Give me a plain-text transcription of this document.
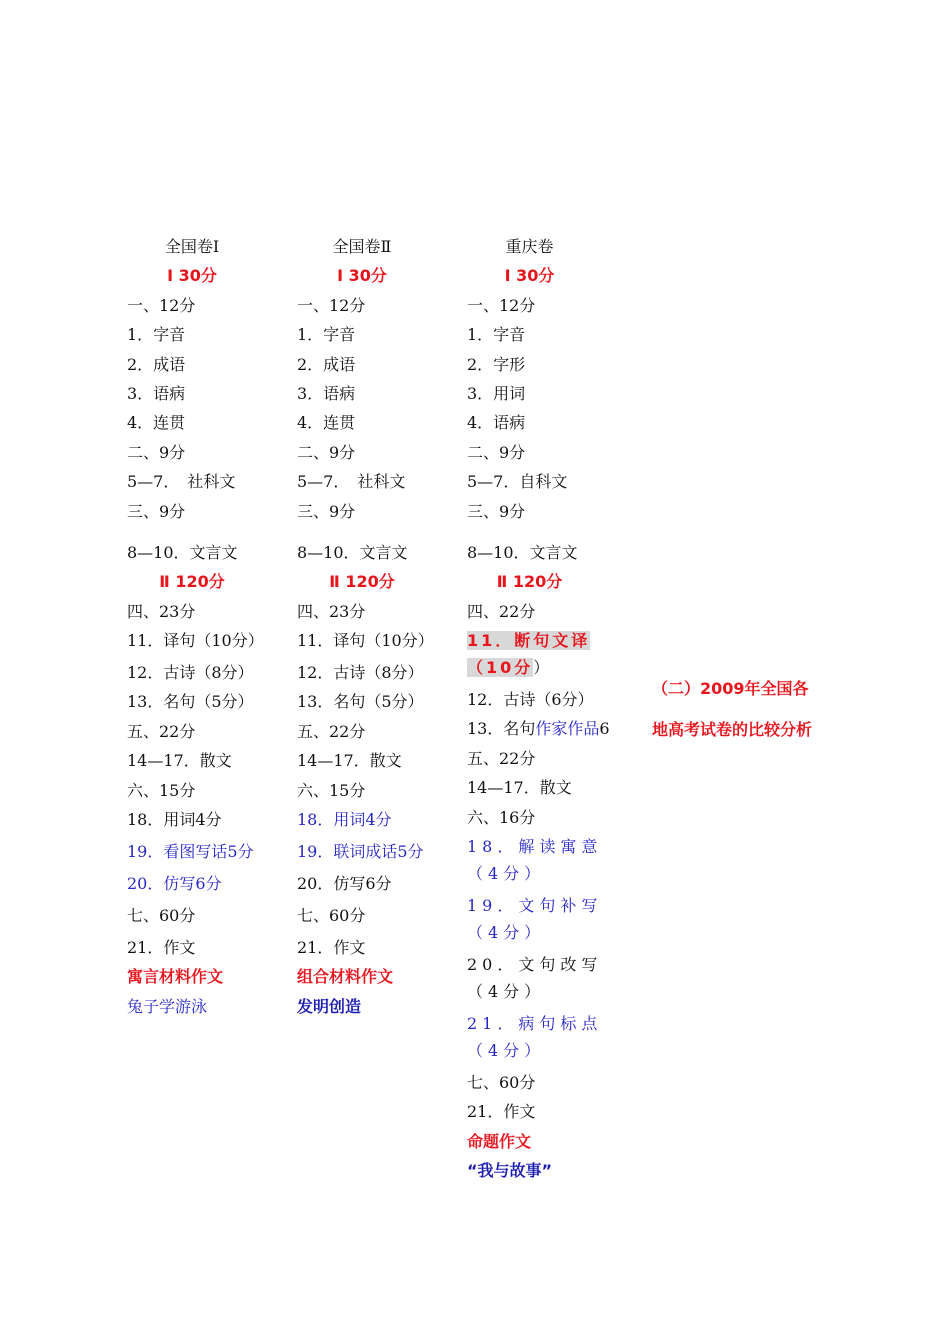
全国卷Ⅰ
Ⅰ 30分
一、12分
1．字音
2．成语
3．语病
4．连贯
二、9分
5—7．　社科文
三、9分
8—10．文言文
Ⅱ 120分
四、23分
11．译句（10分）
12．古诗（8分）
13．名句（5分）
五、22分
14—17．散文
六、15分
18．用词4分
19．看图写话5分
20．仿写6分
七、60分
21．作文
寓言材料作文
兔子学游泳
全国卷Ⅱ
Ⅰ 30分
一、12分
1．字音
2．成语
3．语病
4．连贯
二、9分
5—7．　社科文
三、9分
8—10．文言文
Ⅱ 120分
四、23分
11．译句（10分）
12．古诗（8分）
13．名句（5分）
五、22分
14—17．散文
六、15分
18．用词4分
19．联词成话5分
20．仿写6分
七、60分
21．作文
组合材料作文
发明创造
重庆卷
Ⅰ 30分
一、12分
1．字音
2．字形
3．用词
4．语病
二、9分
5—7．自科文
三、9分
8—10．文言文
Ⅱ 120分
四、22分
11．断句文译（10分）
12．古诗（6分）
13．名句作家作品6
五、22分
14—17．散文
六、16分
18．解读寓意（4分）
19．文句补写（4分）
20．文句改写（4分）
21．病句标点（4分）
七、60分
21．作文
命题作文
“我与故事”
（二）2009年全国各地高考试卷的比较分析
